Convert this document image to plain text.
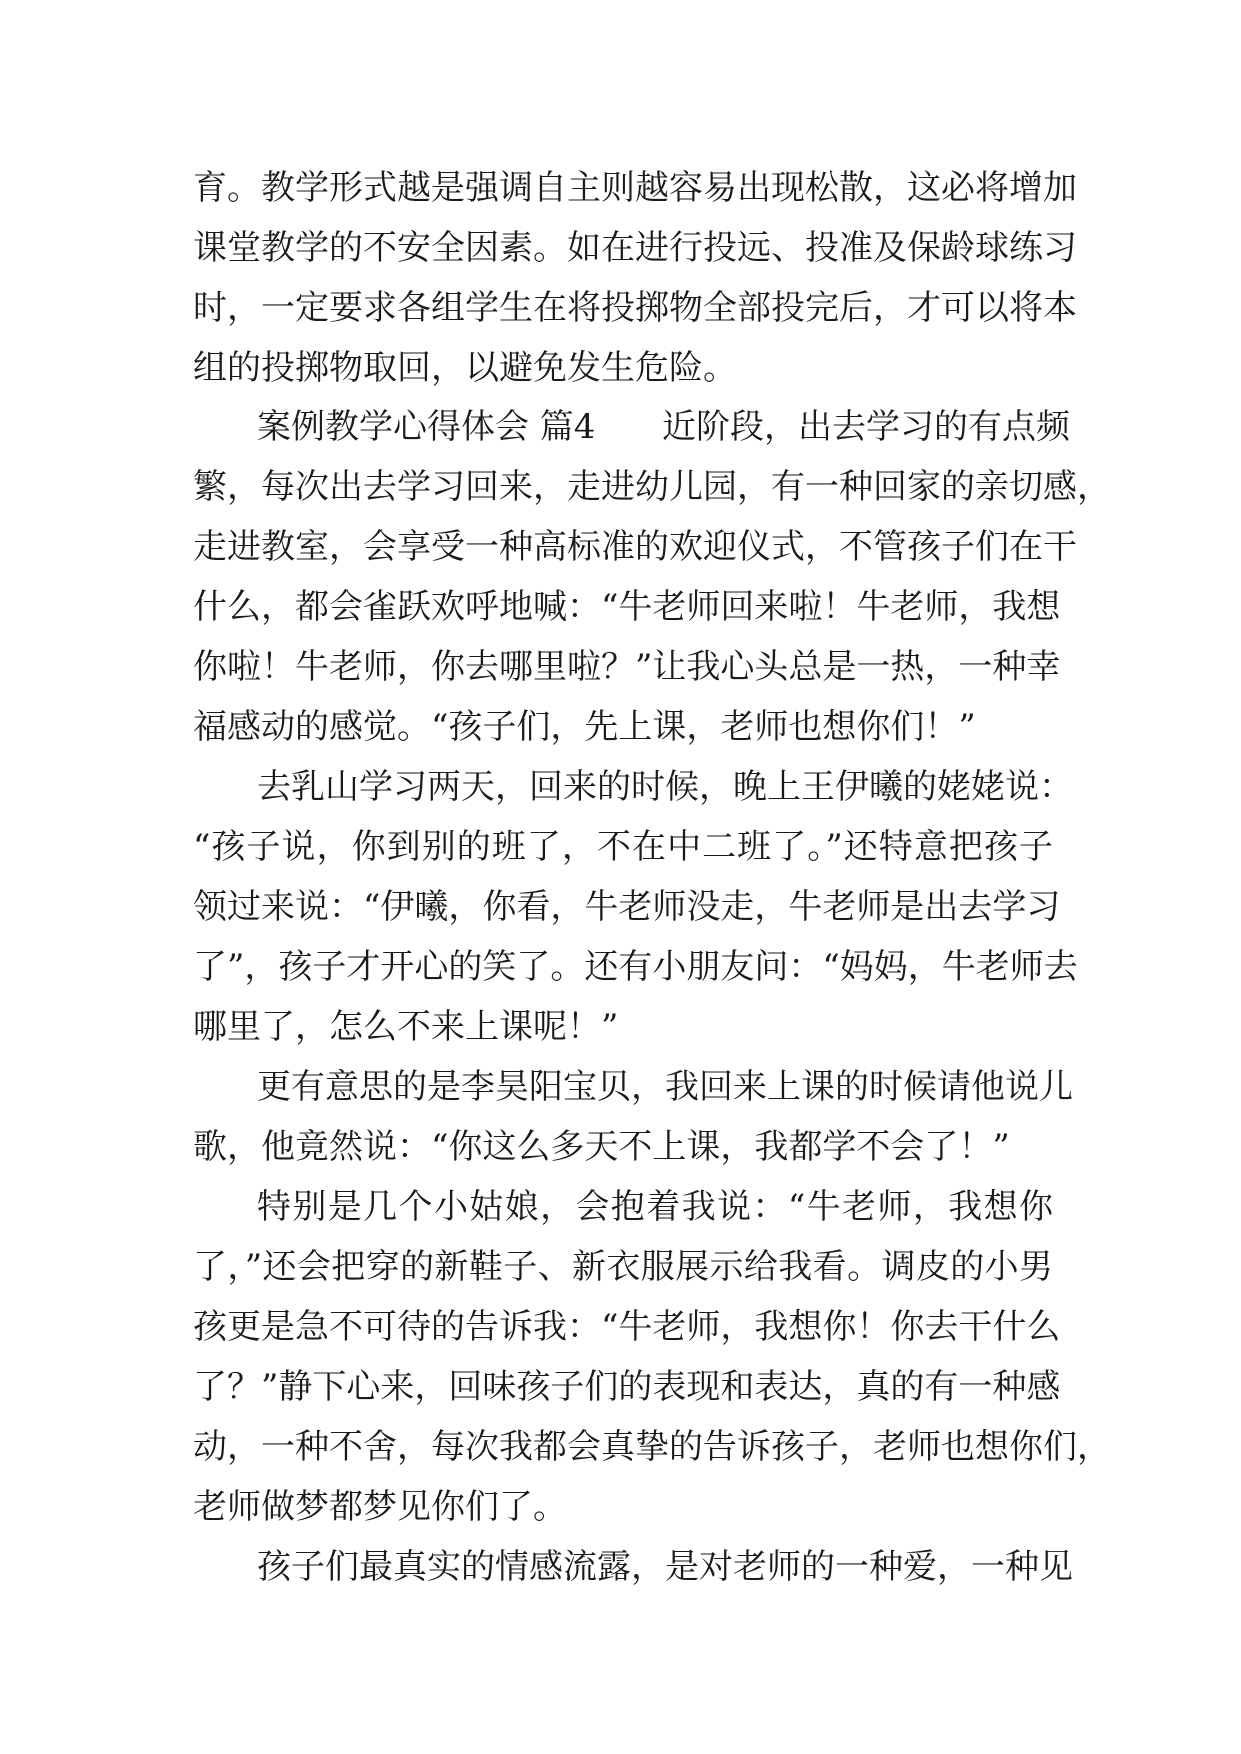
育。教学形式越是强调自主则越容易出现松散，这必将增加

课堂教学的不安全因素。如在进行投远、投准及保龄球练习

时，一定要求各组学生在将投掷物全部投完后，才可以将本

组的投掷物取回，以避免发生危险。

案例教学心得体会 篇4 近阶段，出去学习的有点频

繁，每次出去学习回来，走进幼儿园，有一种回家的亲切感，

走进教室，会享受一种高标准的欢迎仪式，不管孩子们在干

什么，都会雀跃欢呼地喊：“牛老师回来啦！牛老师，我想

你啦！牛老师，你去哪里啦？”让我心头总是一热，一种幸

福感动的感觉。“孩子们，先上课，老师也想你们！”

去乳山学习两天，回来的时候，晚上王伊曦的姥姥说：

“孩子说，你到别的班了，不在中二班了。”还特意把孩子

领过来说：“伊曦，你看，牛老师没走，牛老师是出去学习

了”，孩子才开心的笑了。还有小朋友问：“妈妈，牛老师去

哪里了，怎么不来上课呢！”

更有意思的是李昊阳宝贝，我回来上课的时候请他说儿

歌，他竟然说：“你这么多天不上课，我都学不会了！”

特别是几个小姑娘，会抱着我说：“牛老师，我想你

了，”还会把穿的新鞋子、新衣服展示给我看。调皮的小男

孩更是急不可待的告诉我：“牛老师，我想你！你去干什么

了？”静下心来，回味孩子们的表现和表达，真的有一种感

动，一种不舍，每次我都会真挚的告诉孩子，老师也想你们，

老师做梦都梦见你们了。

孩子们最真实的情感流露，是对老师的一种爱，一种见
